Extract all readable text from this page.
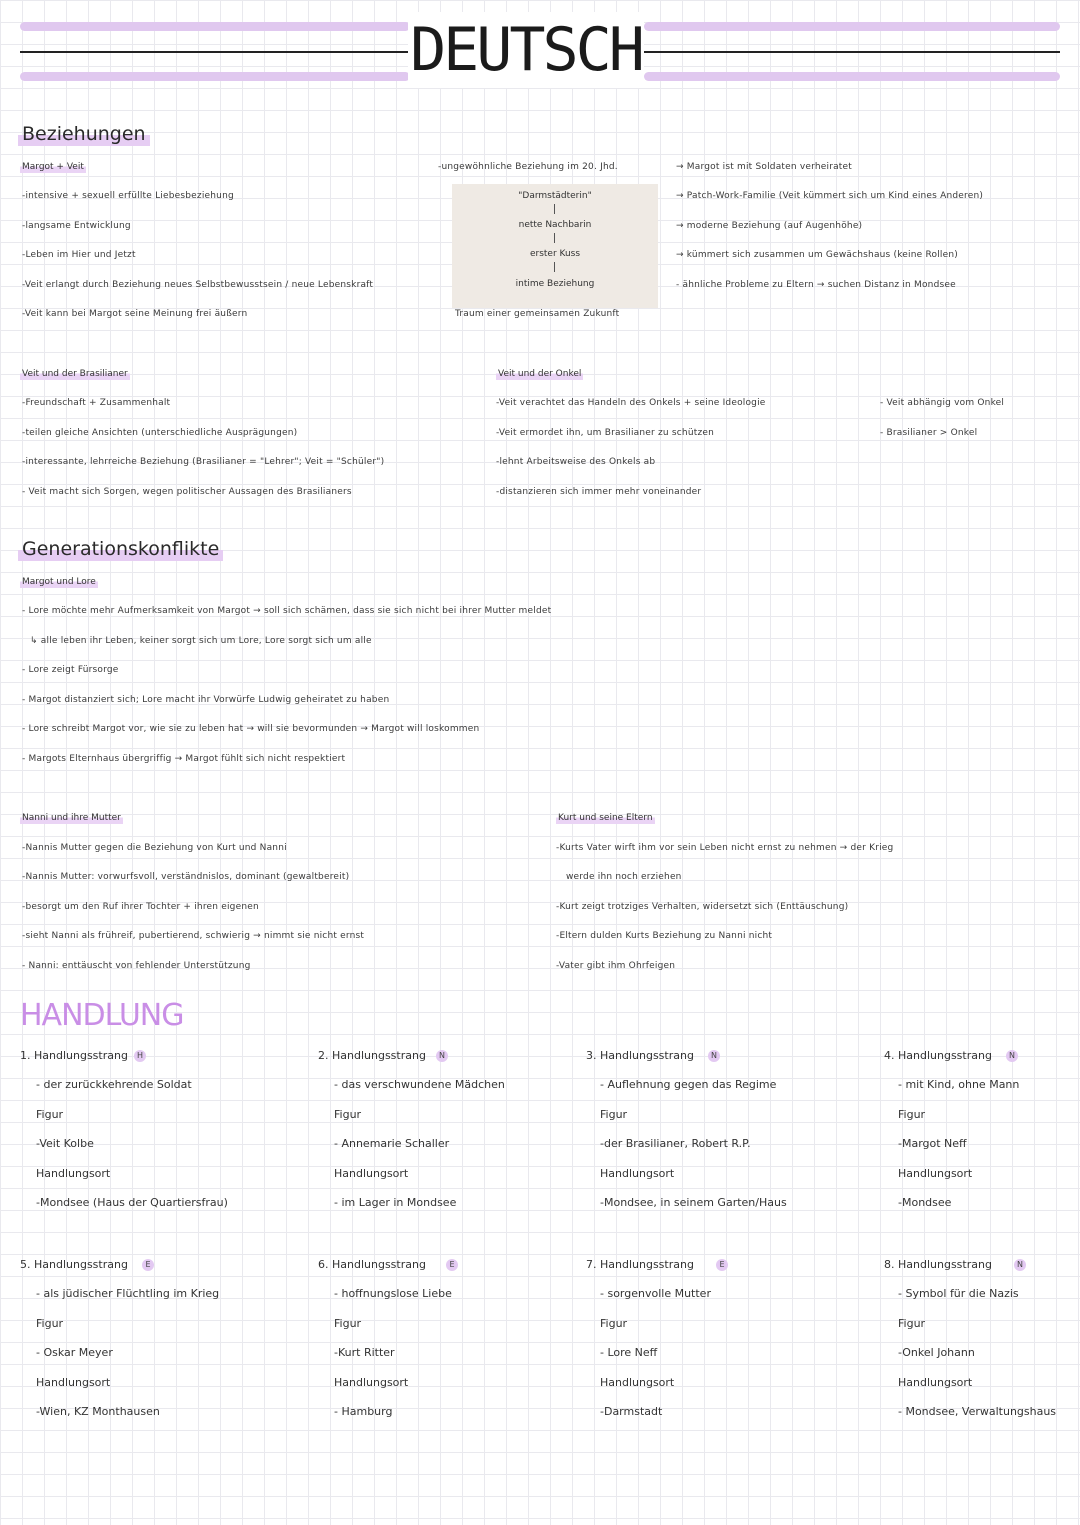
DEUTSCH
Beziehungen
Margot + Veit
-intensive + sexuell erfüllte Liebesbeziehung
-langsame Entwicklung
-Leben im Hier und Jetzt
-Veit erlangt durch Beziehung neues Selbstbewusstsein / neue Lebenskraft
-Veit kann bei Margot seine Meinung frei äußern
-ungewöhnliche Beziehung im 20. Jhd.
"Darmstädterin"
nette Nachbarin
erster Kuss
intime Beziehung
Traum einer gemeinsamen Zukunft
→ Margot ist mit Soldaten verheiratet
→ Patch-Work-Familie (Veit kümmert sich um Kind eines Anderen)
→ moderne Beziehung (auf Augenhöhe)
→ kümmert sich zusammen um Gewächshaus (keine Rollen)
- ähnliche Probleme zu Eltern → suchen Distanz in Mondsee
Veit und der Brasilianer
-Freundschaft + Zusammenhalt
-teilen gleiche Ansichten (unterschiedliche Ausprägungen)
-interessante, lehrreiche Beziehung (Brasilianer = "Lehrer"; Veit = "Schüler")
- Veit macht sich Sorgen, wegen politischer Aussagen des Brasilianers
Veit und der Onkel
-Veit verachtet das Handeln des Onkels + seine Ideologie
-Veit ermordet ihn, um Brasilianer zu schützen
-lehnt Arbeitsweise des Onkels ab
-distanzieren sich immer mehr voneinander
- Veit abhängig vom Onkel
- Brasilianer > Onkel
Generationskonflikte
Margot und Lore
- Lore möchte mehr Aufmerksamkeit von Margot → soll sich schämen, dass sie sich nicht bei ihrer Mutter meldet
↳ alle leben ihr Leben, keiner sorgt sich um Lore, Lore sorgt sich um alle
- Lore zeigt Fürsorge
- Margot distanziert sich; Lore macht ihr Vorwürfe Ludwig geheiratet zu haben
- Lore schreibt Margot vor, wie sie zu leben hat → will sie bevormunden → Margot will loskommen
- Margots Elternhaus übergriffig → Margot fühlt sich nicht respektiert
Nanni und ihre Mutter
-Nannis Mutter gegen die Beziehung von Kurt und Nanni
-Nannis Mutter: vorwurfsvoll, verständnislos, dominant (gewaltbereit)
-besorgt um den Ruf ihrer Tochter + ihren eigenen
-sieht Nanni als frühreif, pubertierend, schwierig → nimmt sie nicht ernst
- Nanni: enttäuscht von fehlender Unterstützung
Kurt und seine Eltern
-Kurts Vater wirft ihm vor sein Leben nicht ernst zu nehmen → der Krieg
werde ihn noch erziehen
-Kurt zeigt trotziges Verhalten, widersetzt sich (Enttäuschung)
-Eltern dulden Kurts Beziehung zu Nanni nicht
-Vater gibt ihm Ohrfeigen
HANDLUNG
1. Handlungsstrang	H
- der zurückkehrende Soldat
Figur
-Veit Kolbe
Handlungsort
-Mondsee (Haus der Quartiersfrau)
2. Handlungsstrang	N
- das verschwundene Mädchen
Figur
- Annemarie Schaller
Handlungsort
- im Lager in Mondsee
3. Handlungsstrang	N
- Auflehnung gegen das Regime
Figur
-der Brasilianer, Robert R.P.
Handlungsort
-Mondsee, in seinem Garten/Haus
4. Handlungsstrang	N
- mit Kind, ohne Mann
Figur
-Margot Neff
Handlungsort
-Mondsee
5. Handlungsstrang	E
- als jüdischer Flüchtling im Krieg
Figur
- Oskar Meyer
Handlungsort
-Wien, KZ Monthausen
6. Handlungsstrang	E
- hoffnungslose Liebe
Figur
-Kurt Ritter
Handlungsort
- Hamburg
7. Handlungsstrang	E
- sorgenvolle Mutter
Figur
- Lore Neff
Handlungsort
-Darmstadt
8. Handlungsstrang	N
- Symbol für die Nazis
Figur
-Onkel Johann
Handlungsort
- Mondsee, Verwaltungshaus
